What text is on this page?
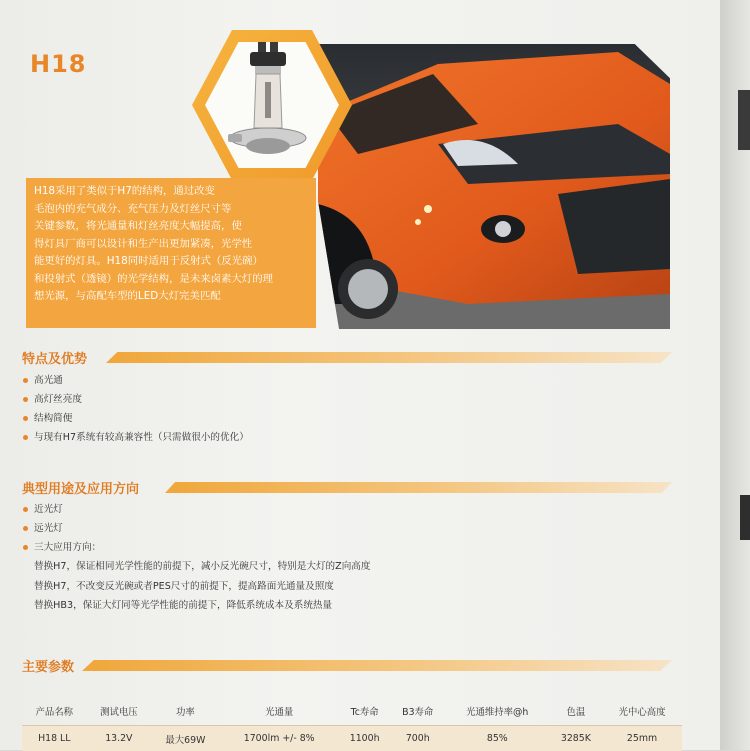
H18
H18采用了类似于H7的结构，通过改变
毛泡内的充气成分、充气压力及灯丝尺寸等
关键参数，将光通量和灯丝亮度大幅提高，使
得灯具厂商可以设计和生产出更加紧凑，光学性
能更好的灯具。H18同时适用于反射式（反光碗）
和投射式（透镜）的光学结构，是未来卤素大灯的理
想光源，与高配车型的LED大灯完美匹配
特点及优势
高光通
高灯丝亮度
结构简便
与现有H7系统有较高兼容性（只需做很小的优化）
典型用途及应用方向
近光灯
远光灯
三大应用方向：
替换H7，保证相同光学性能的前提下，减小反光碗尺寸，特别是大灯的Z向高度
替换H7，不改变反光碗或者PES尺寸的前提下，提高路面光通量及照度
替换HB3，保证大灯同等光学性能的前提下，降低系统成本及系统热量
主要参数
产品名称	测试电压	功率	光通量	Tc寿命	B3寿命	光通维持率@h	色温	光中心高度
H18 LL	13.2V	最大69W	1700lm +/- 8%	1100h	700h	85%	3285K	25mm
